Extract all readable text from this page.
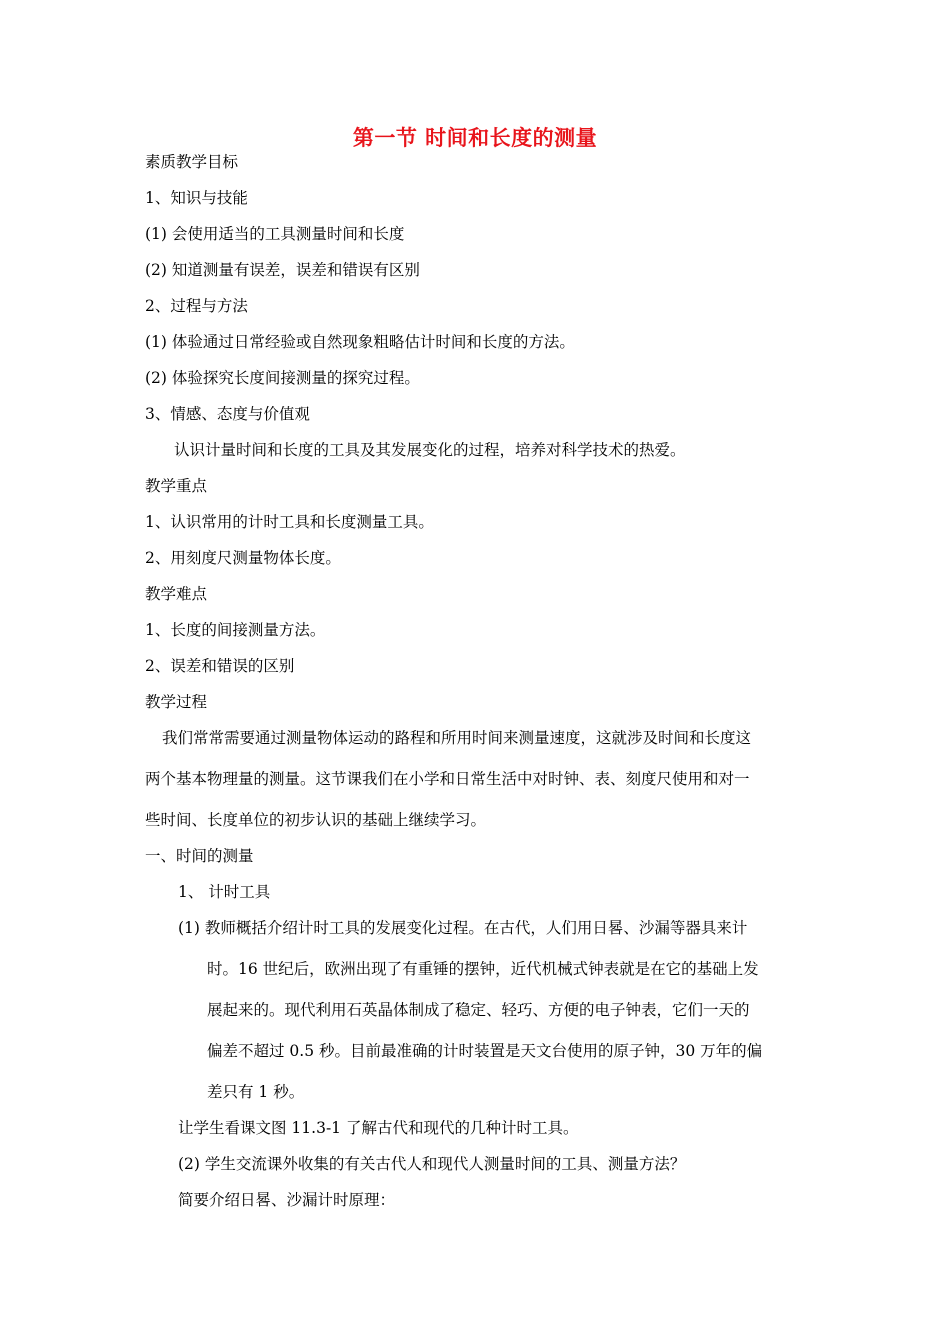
第一节 时间和长度的测量
素质教学目标
1、知识与技能
(1) 会使用适当的工具测量时间和长度
(2) 知道测量有误差，误差和错误有区别
2、过程与方法
(1) 体验通过日常经验或自然现象粗略估计时间和长度的方法。
(2) 体验探究长度间接测量的探究过程。
3、情感、态度与价值观
认识计量时间和长度的工具及其发展变化的过程，培养对科学技术的热爱。
教学重点
1、认识常用的计时工具和长度测量工具。
2、用刻度尺测量物体长度。
教学难点
1、长度的间接测量方法。
2、误差和错误的区别
教学过程
我们常常需要通过测量物体运动的路程和所用时间来测量速度，这就涉及时间和长度这
两个基本物理量的测量。这节课我们在小学和日常生活中对时钟、表、刻度尺使用和对一
些时间、长度单位的初步认识的基础上继续学习。
一、时间的测量
1、 计时工具
(1) 教师概括介绍计时工具的发展变化过程。在古代，人们用日晷、沙漏等器具来计
时。16 世纪后，欧洲出现了有重锤的摆钟，近代机械式钟表就是在它的基础上发
展起来的。现代利用石英晶体制成了稳定、轻巧、方便的电子钟表，它们一天的
偏差不超过 0.5 秒。目前最准确的计时装置是天文台使用的原子钟，30 万年的偏
差只有 1 秒。
让学生看课文图 11.3-1 了解古代和现代的几种计时工具。
(2) 学生交流课外收集的有关古代人和现代人测量时间的工具、测量方法？
简要介绍日晷、沙漏计时原理：
